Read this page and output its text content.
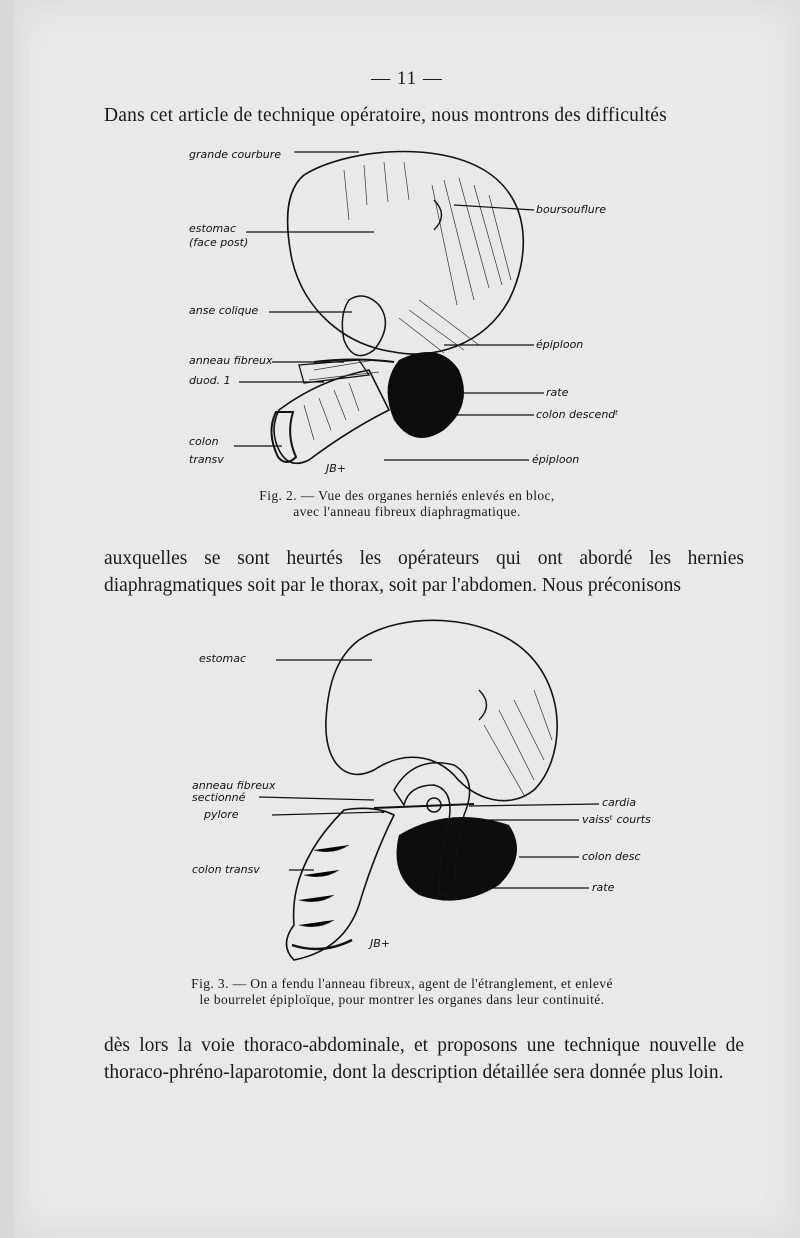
— 11 —
Dans cet article de technique opératoire, nous montrons des difficultés
grande courbure
estomac
(face post)
anse colique
anneau fibreux
duod. 1
colon
transv
boursouflure
épiploon
rate
colon descendᵗ
épiploon
JB+
Fig. 2. — Vue des organes herniés enlevés en bloc,
avec l'anneau fibreux diaphragmatique.
auxquelles se sont heurtés les opérateurs qui ont abordé les hernies diaphragmatiques soit par le thorax, soit par l'abdomen. Nous préconisons
estomac
anneau fibreux
sectionné
pylore
colon transv
cardia
vaissᵗ courts
colon desc
rate
JB+
Fig. 3. — On a fendu l'anneau fibreux, agent de l'étranglement, et enlevé
le bourrelet épiploïque, pour montrer les organes dans leur continuité.
dès lors la voie thoraco-abdominale, et proposons une technique nouvelle de thoraco-phréno-laparotomie, dont la description détaillée sera donnée plus loin.
